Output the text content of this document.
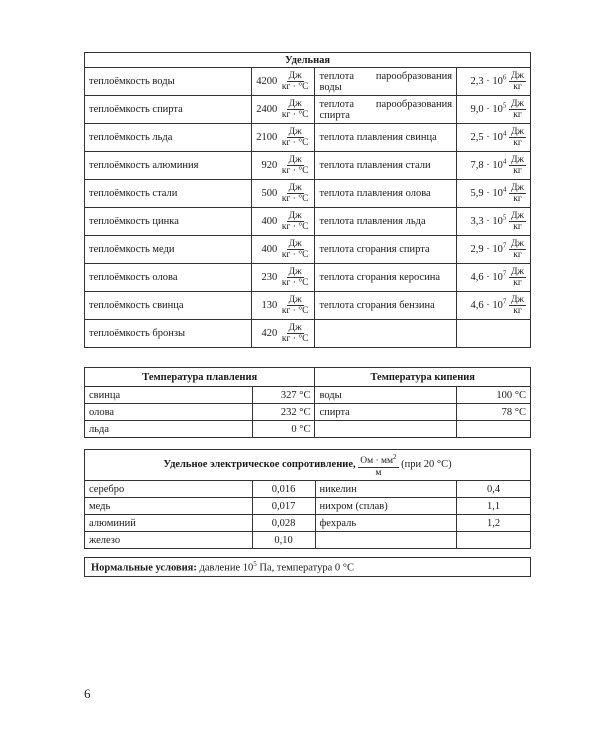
Удельная			
теплоёмкость воды	$4200 \frac{Дж}{кг \cdot ^\circ С}$	теплота парообразования воды	$2,3 \cdot 10^6 \frac{Дж}{кг}$

теплоёмкость спирта	$2400 \frac{Дж}{кг \cdot ^\circ С}$	теплота парообразования спирта	$9,0 \cdot 10^5 \frac{Дж}{кг}$

теплоёмкость льда	$2100 \frac{Дж}{кг \cdot ^\circ С}$	теплота плавления свинца	$2,5 \cdot 10^4 \frac{Дж}{кг}$

теплоёмкость алюминия	$920 \frac{Дж}{кг \cdot ^\circ С}$	теплота плавления стали	$7,8 \cdot 10^4 \frac{Дж}{кг}$

теплоёмкость стали	$500 \frac{Дж}{кг \cdot ^\circ С}$	теплота плавления олова	$5,9 \cdot 10^4 \frac{Дж}{кг}$

теплоёмкость цинка	$400 \frac{Дж}{кг \cdot ^\circ С}$	теплота плавления льда	$3,3 \cdot 10^5 \frac{Дж}{кг}$

теплоёмкость меди	$400 \frac{Дж}{кг \cdot ^\circ С}$	теплота сгорания спирта	$2,9 \cdot 10^7 \frac{Дж}{кг}$

теплоёмкость олова	$230 \frac{Дж}{кг \cdot ^\circ С}$	теплота сгорания керосина	$4,6 \cdot 10^7 \frac{Дж}{кг}$

теплоёмкость свинца	$130 \frac{Дж}{кг \cdot ^\circ С}$	теплота сгорания бензина	$4,6 \cdot 10^7 \frac{Дж}{кг}$

теплоёмкость бронзы	$420 \frac{Дж}{кг \cdot ^\circ С}$

Температура плавления		Температура кипения	
свинца	327 °С	воды	100 °С
олова	232 °С	спирта	78 °С
льда	0 °С		
Удельное электрическое сопротивление, $\frac{Ом \cdot мм^2}{м} (при$ 20 °С)			
серебро	0,016	никелин	0,4
медь	0,017	нихром (сплав)	1,1
алюминий	0,028	фехраль	1,2
железо	0,10		
Нормальные условия: давление $10^5$ Па, температура 0 °С
6
